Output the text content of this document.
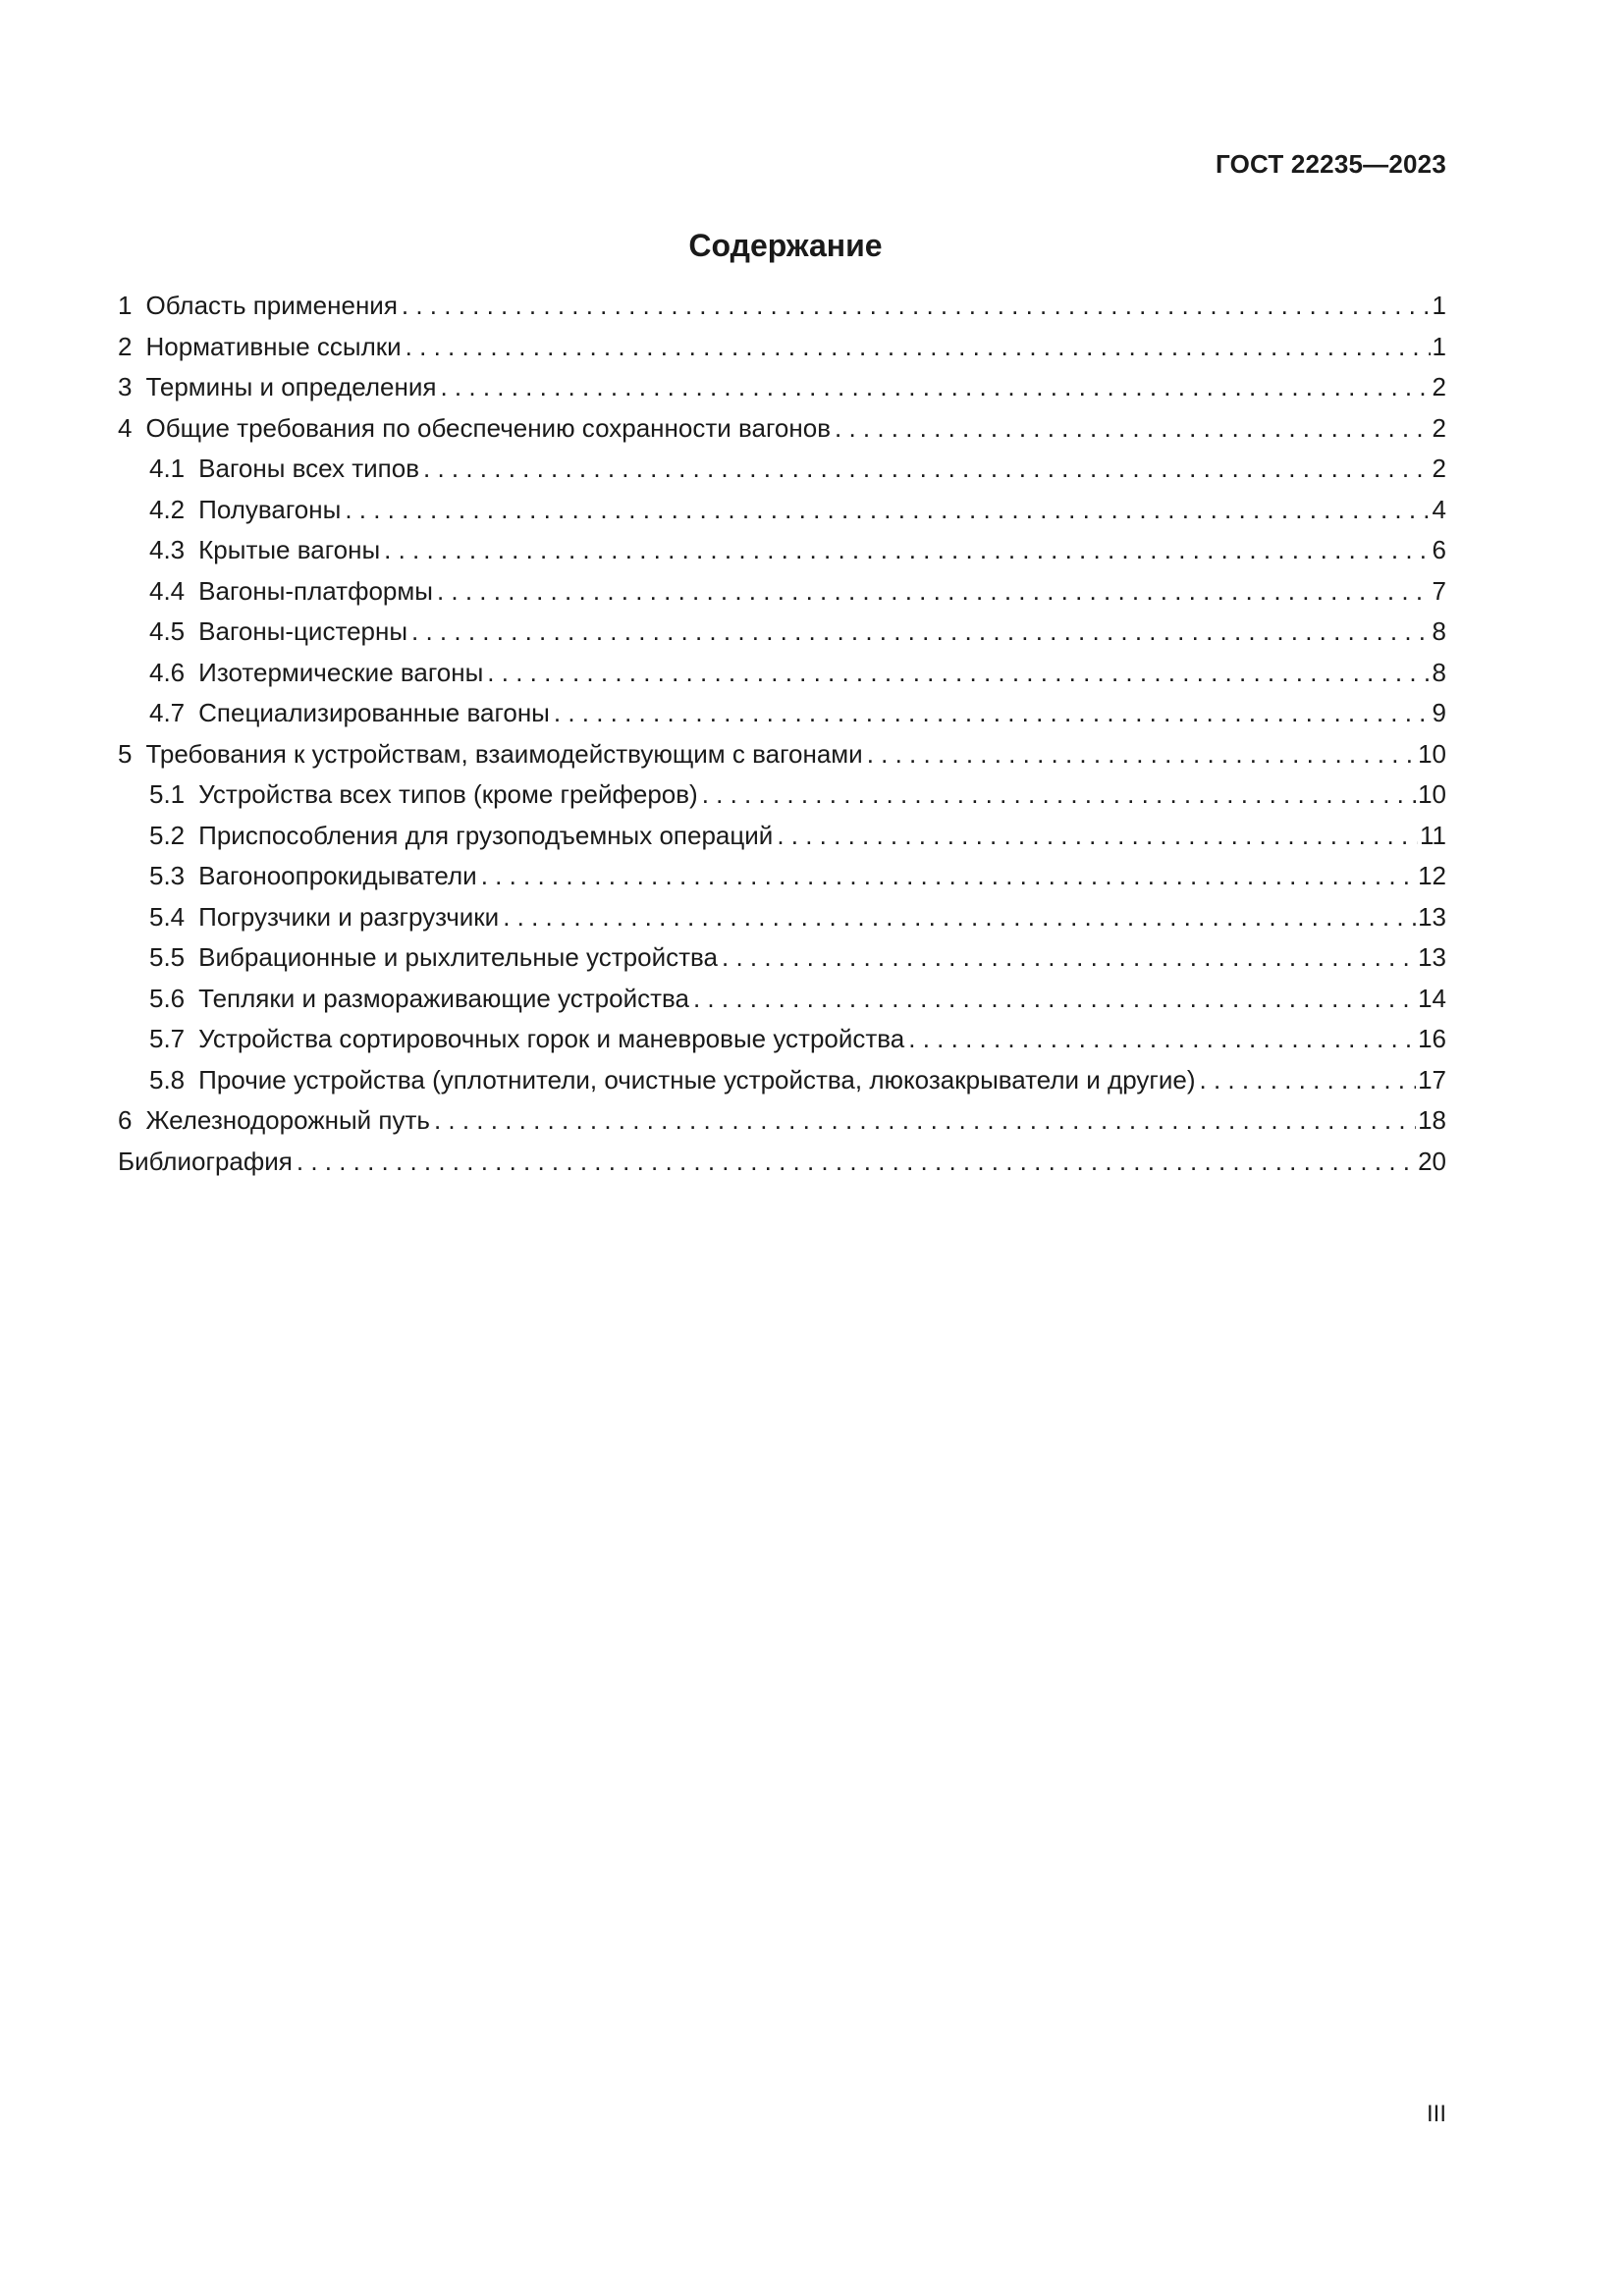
ГОСТ 22235—2023
Содержание
1 Область применения . . .	1
2 Нормативные ссылки . . .	1
3 Термины и определения . . .	2
4 Общие требования по обеспечению сохранности вагонов . . .	2
4.1 Вагоны всех типов . . .	2
4.2 Полувагоны . . .	4
4.3 Крытые вагоны . . .	6
4.4 Вагоны-платформы . . .	7
4.5 Вагоны-цистерны . . .	8
4.6 Изотермические вагоны . . .	8
4.7 Специализированные вагоны . . .	9
5 Требования к устройствам, взаимодействующим с вагонами . . .	10
5.1 Устройства всех типов (кроме грейферов) . . .	10
5.2 Приспособления для грузоподъемных операций . . .	11
5.3 Вагоноопрокидыватели . . .	12
5.4 Погрузчики и разгрузчики . . .	13
5.5 Вибрационные и рыхлительные устройства . . .	13
5.6 Тепляки и размораживающие устройства . . .	14
5.7 Устройства сортировочных горок и маневровые устройства . . .	16
5.8 Прочие устройства (уплотнители, очистные устройства, люкозакрыватели и другие) . . .	17
6 Железнодорожный путь . . .	18
Библиография . . .	20
III
